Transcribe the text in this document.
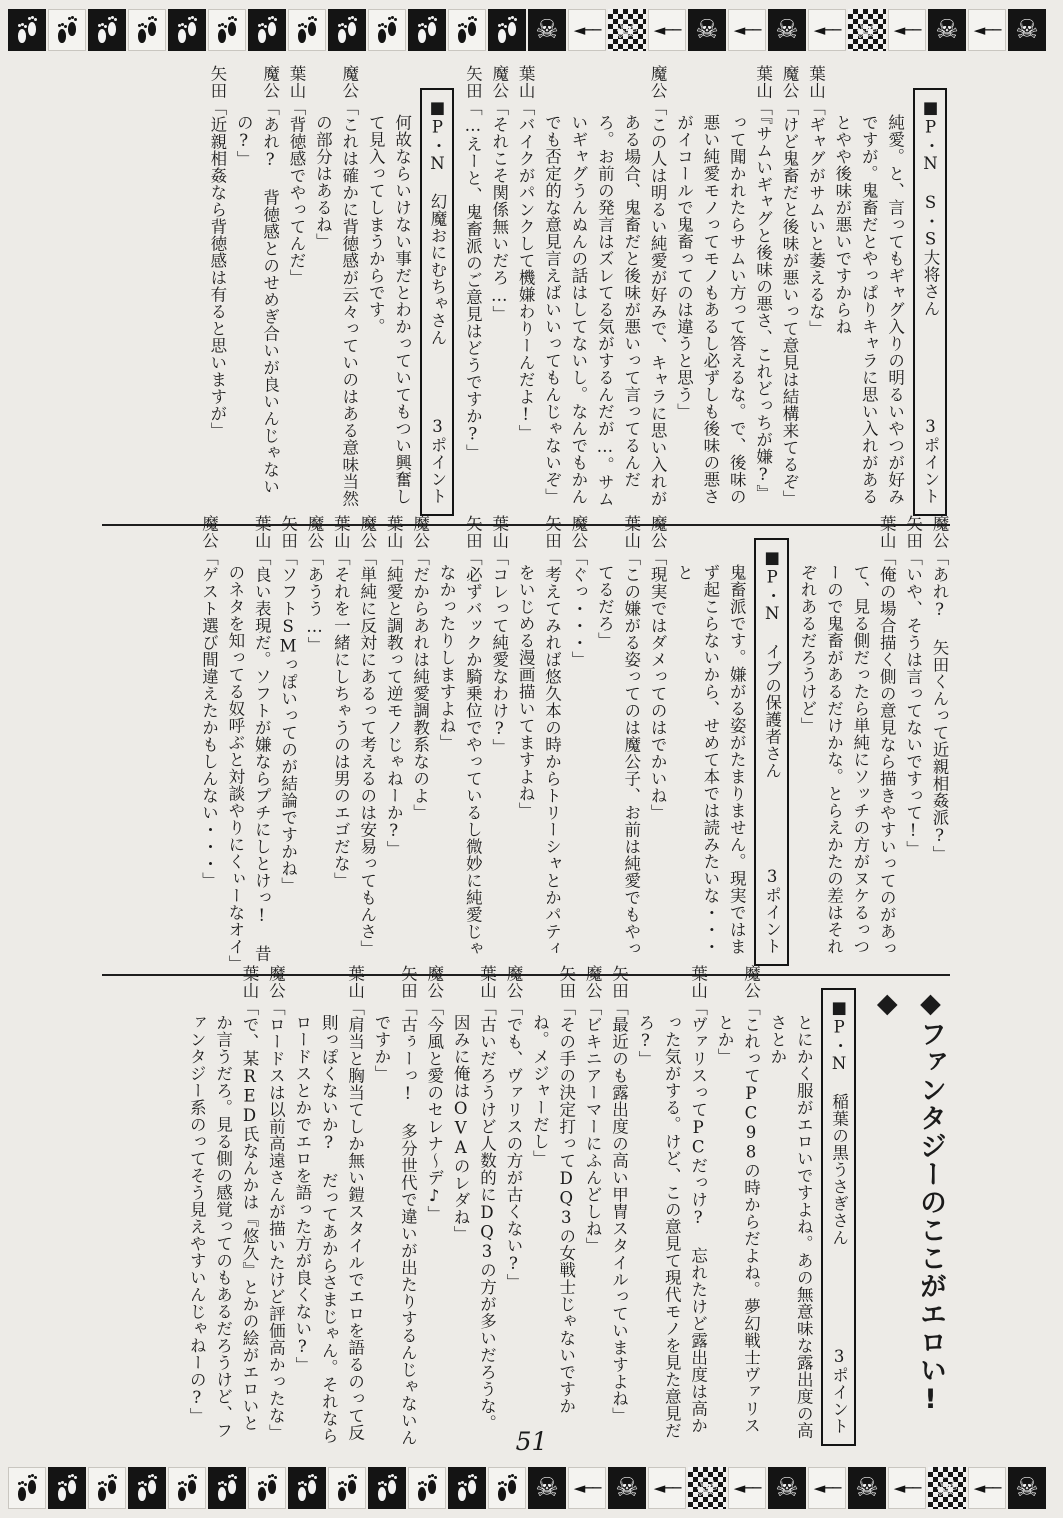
☠ ◄── ☠ ◄── ☠ ◄── ☠ ◄── ☠ ◄── ☠ ◄── ☠
■P・N S・S大将さん
3ポイント

純愛。と、言ってもギャグ入りの明るいやつが好みですが。鬼畜だとやっぱりキャラに思い入れがあるとやや後味が悪いですからね

葉山「ギャグがサムいと萎えるな」

魔公「けど鬼畜だと後味が悪いって意見は結構来てるぞ」

葉山「『サムいギャグと後味の悪さ、これどっちが嫌?』って聞かれたらサムい方って答えるな。で、後味の悪い純愛モノってモノもあるし必ずしも後味の悪さがイコールで鬼畜ってのは違うと思う」

魔公「この人は明るい純愛が好みで、キャラに思い入れがある場合、鬼畜だと後味が悪いって言ってるんだろ。お前の発言はズレてる気がするんだが…。サムいギャグうんぬんの話はしてないし。なんでもかんでも否定的な意見言えばいいってもんじゃないぞ」

葉山「バイクがパンクして機嫌わりーんだよ!」

魔公「それこそ関係無いだろ…」

矢田「…えーと、鬼畜派のご意見はどうですか?」

■P・N 幻魔おにむちゃさん
3ポイント

何故ならいけない事だとわかっていてもつい興奮して見入ってしまうからです。

魔公「これは確かに背徳感が云々っていのはある意味当然の部分はあるね」

葉山「背徳感でやってんだ」

魔公「あれ? 背徳感とのせめぎ合いが良いんじゃないの?」

矢田「近親相姦なら背徳感は有ると思いますが」

魔公「あれ? 矢田くんって近親相姦派?」

矢田「いや、そうは言ってないですって!」

葉山「俺の場合描く側の意見なら描きやすいってのがあって、見る側だったら単純にソッチの方がヌケるっつーので鬼畜があるだけかな。とらえかたの差はそれぞれあるだろうけど」

■P・N イブの保護者さん
3ポイント

鬼畜派です。嫌がる姿がたまりません。現実ではまず起こらないから、せめて本では読みたいな・・・と

魔公「現実ではダメってのはでかいね」

葉山「この嫌がる姿ってのは魔公子、お前は純愛でもやってるだろ」

魔公「ぐっ・・・」

矢田「考えてみれば悠久本の時からトリーシャとかパティをいじめる漫画描いてますよね」

葉山「コレって純愛なわけ?」

矢田「必ずバックか騎乗位でやっているし微妙に純愛じゃなかったりしますよね」

魔公「だからあれは純愛調教系なのよ」

葉山「純愛と調教って逆モノじゃねーか?」

魔公「単純に反対にあるって考えるのは安易ってもんさ」

葉山「それを一緒にしちゃうのは男のエゴだな」

魔公「あうう…」

矢田「ソフトSMっぽいってのが結論ですかね」

葉山「良い表現だ。ソフトが嫌ならプチにしとけっ! 昔のネタを知ってる奴呼ぶと対談やりにくぃーなオイ」

魔公「ゲスト選び間違えたかもしんない・・・」

◆ファンタジーのここがエロい!◆

■P・N 稲葉の黒うさぎさん
3ポイント

とにかく服がエロいですよね。あの無意味な露出度の高さとか

魔公「これってPC98の時からだよね。夢幻戦士ヴァリスとか」

葉山「ヴァリスってPCだっけ? 忘れたけど露出度は高かった気がする。けど、この意見て現代モノを見た意見だろ?」

矢田「最近のも露出度の高い甲冑スタイルっていますよね」

魔公「ビキニアーマーにふんどしね」

矢田「その手の決定打ってDQ3の女戦士じゃないですかね。メジャーだし」

魔公「でも、ヴァリスの方が古くない?」

葉山「古いだろうけど人数的にDQ3の方が多いだろうな。因みに俺はOVAのレダね」

魔公「今風と愛のセレナ～デ♪」

矢田「古ぅーっ! 多分世代で違いが出たりするんじゃないんですか」

葉山「肩当と胸当てしか無い鎧スタイルでエロを語るのって反則っぽくないか? だってあからさまじゃん。それならロードスとかでエロを語った方が良くない?」

魔公「ロードスは以前高遠さんが描いたけど評価高かったな」

葉山「で、某RED氏なんかは『悠久』とかの絵がエロいとか言うだろ。見る側の感覚ってのもあるだろうけど、ファンタジー系のってそう見えやすいんじゃねーの?」

51
☠ ◄── ☠ ◄── ☠ ◄── ☠ ◄── ☠ ◄── ☠ ◄── ☠
